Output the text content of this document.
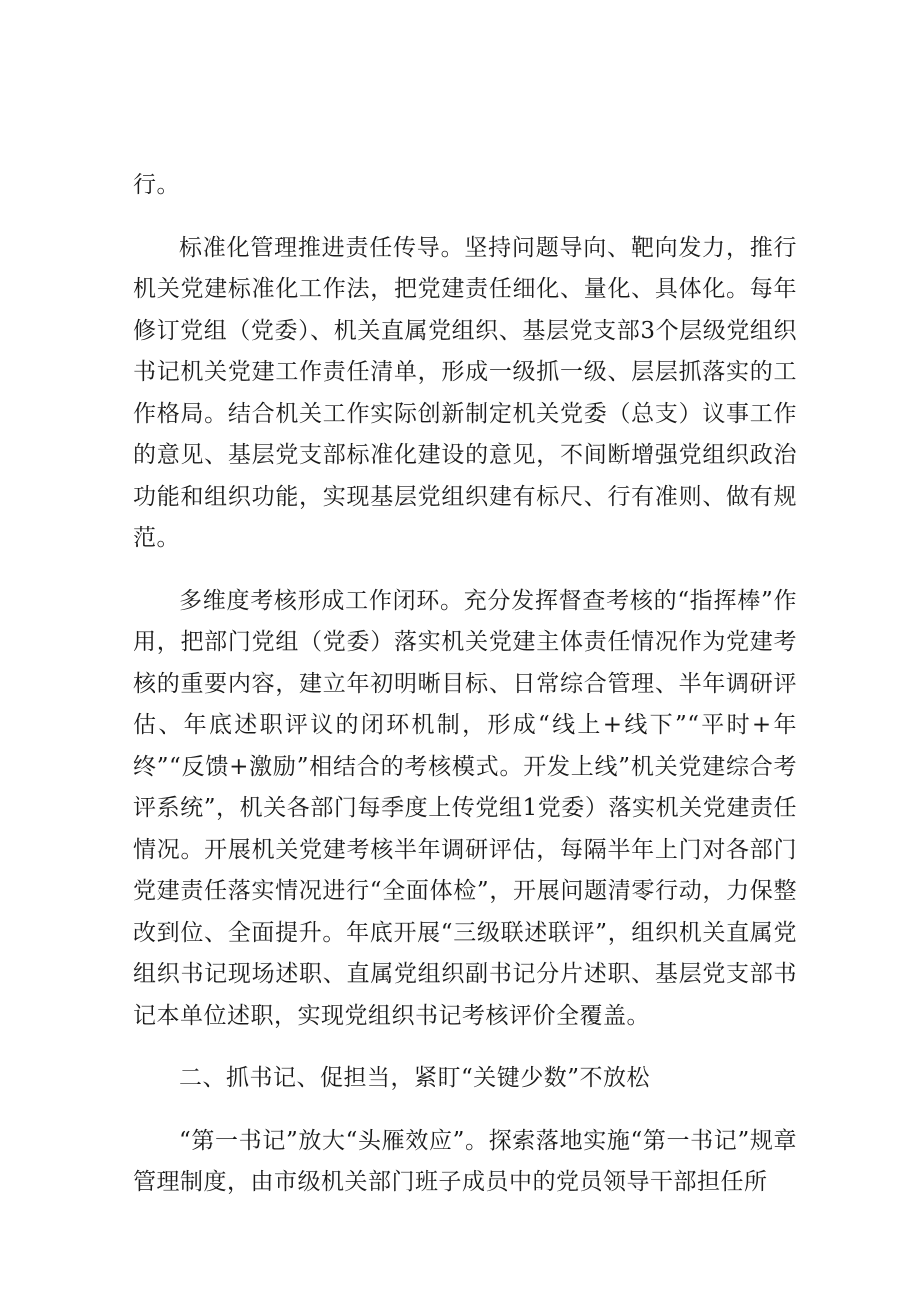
行。

标准化管理推进责任传导。坚持问题导向、靶向发力，推行机关党建标准化工作法，把党建责任细化、量化、具体化。每年修订党组（党委）、机关直属党组织、基层党支部3个层级党组织书记机关党建工作责任清单，形成一级抓一级、层层抓落实的工作格局。结合机关工作实际创新制定机关党委（总支）议事工作的意见、基层党支部标准化建设的意见，不间断增强党组织政治功能和组织功能，实现基层党组织建有标尺、行有准则、做有规范。

多维度考核形成工作闭环。充分发挥督查考核的“指挥棒”作用，把部门党组（党委）落实机关党建主体责任情况作为党建考核的重要内容，建立年初明晰目标、日常综合管理、半年调研评估、年底述职评议的闭环机制，形成“线上+线下”“平时+年终”“反馈+激励”相结合的考核模式。开发上线”机关党建综合考评系统”，机关各部门每季度上传党组1党委）落实机关党建责任情况。开展机关党建考核半年调研评估，每隔半年上门对各部门党建责任落实情况进行“全面体检”，开展问题清零行动，力保整改到位、全面提升。年底开展“三级联述联评”，组织机关直属党组织书记现场述职、直属党组织副书记分片述职、基层党支部书记本单位述职，实现党组织书记考核评价全覆盖。

二、抓书记、促担当，紧盯“关键少数”不放松

“第一书记”放大“头雁效应”。探索落地实施“第一书记”规章管理制度，由市级机关部门班子成员中的党员领导干部担任所
